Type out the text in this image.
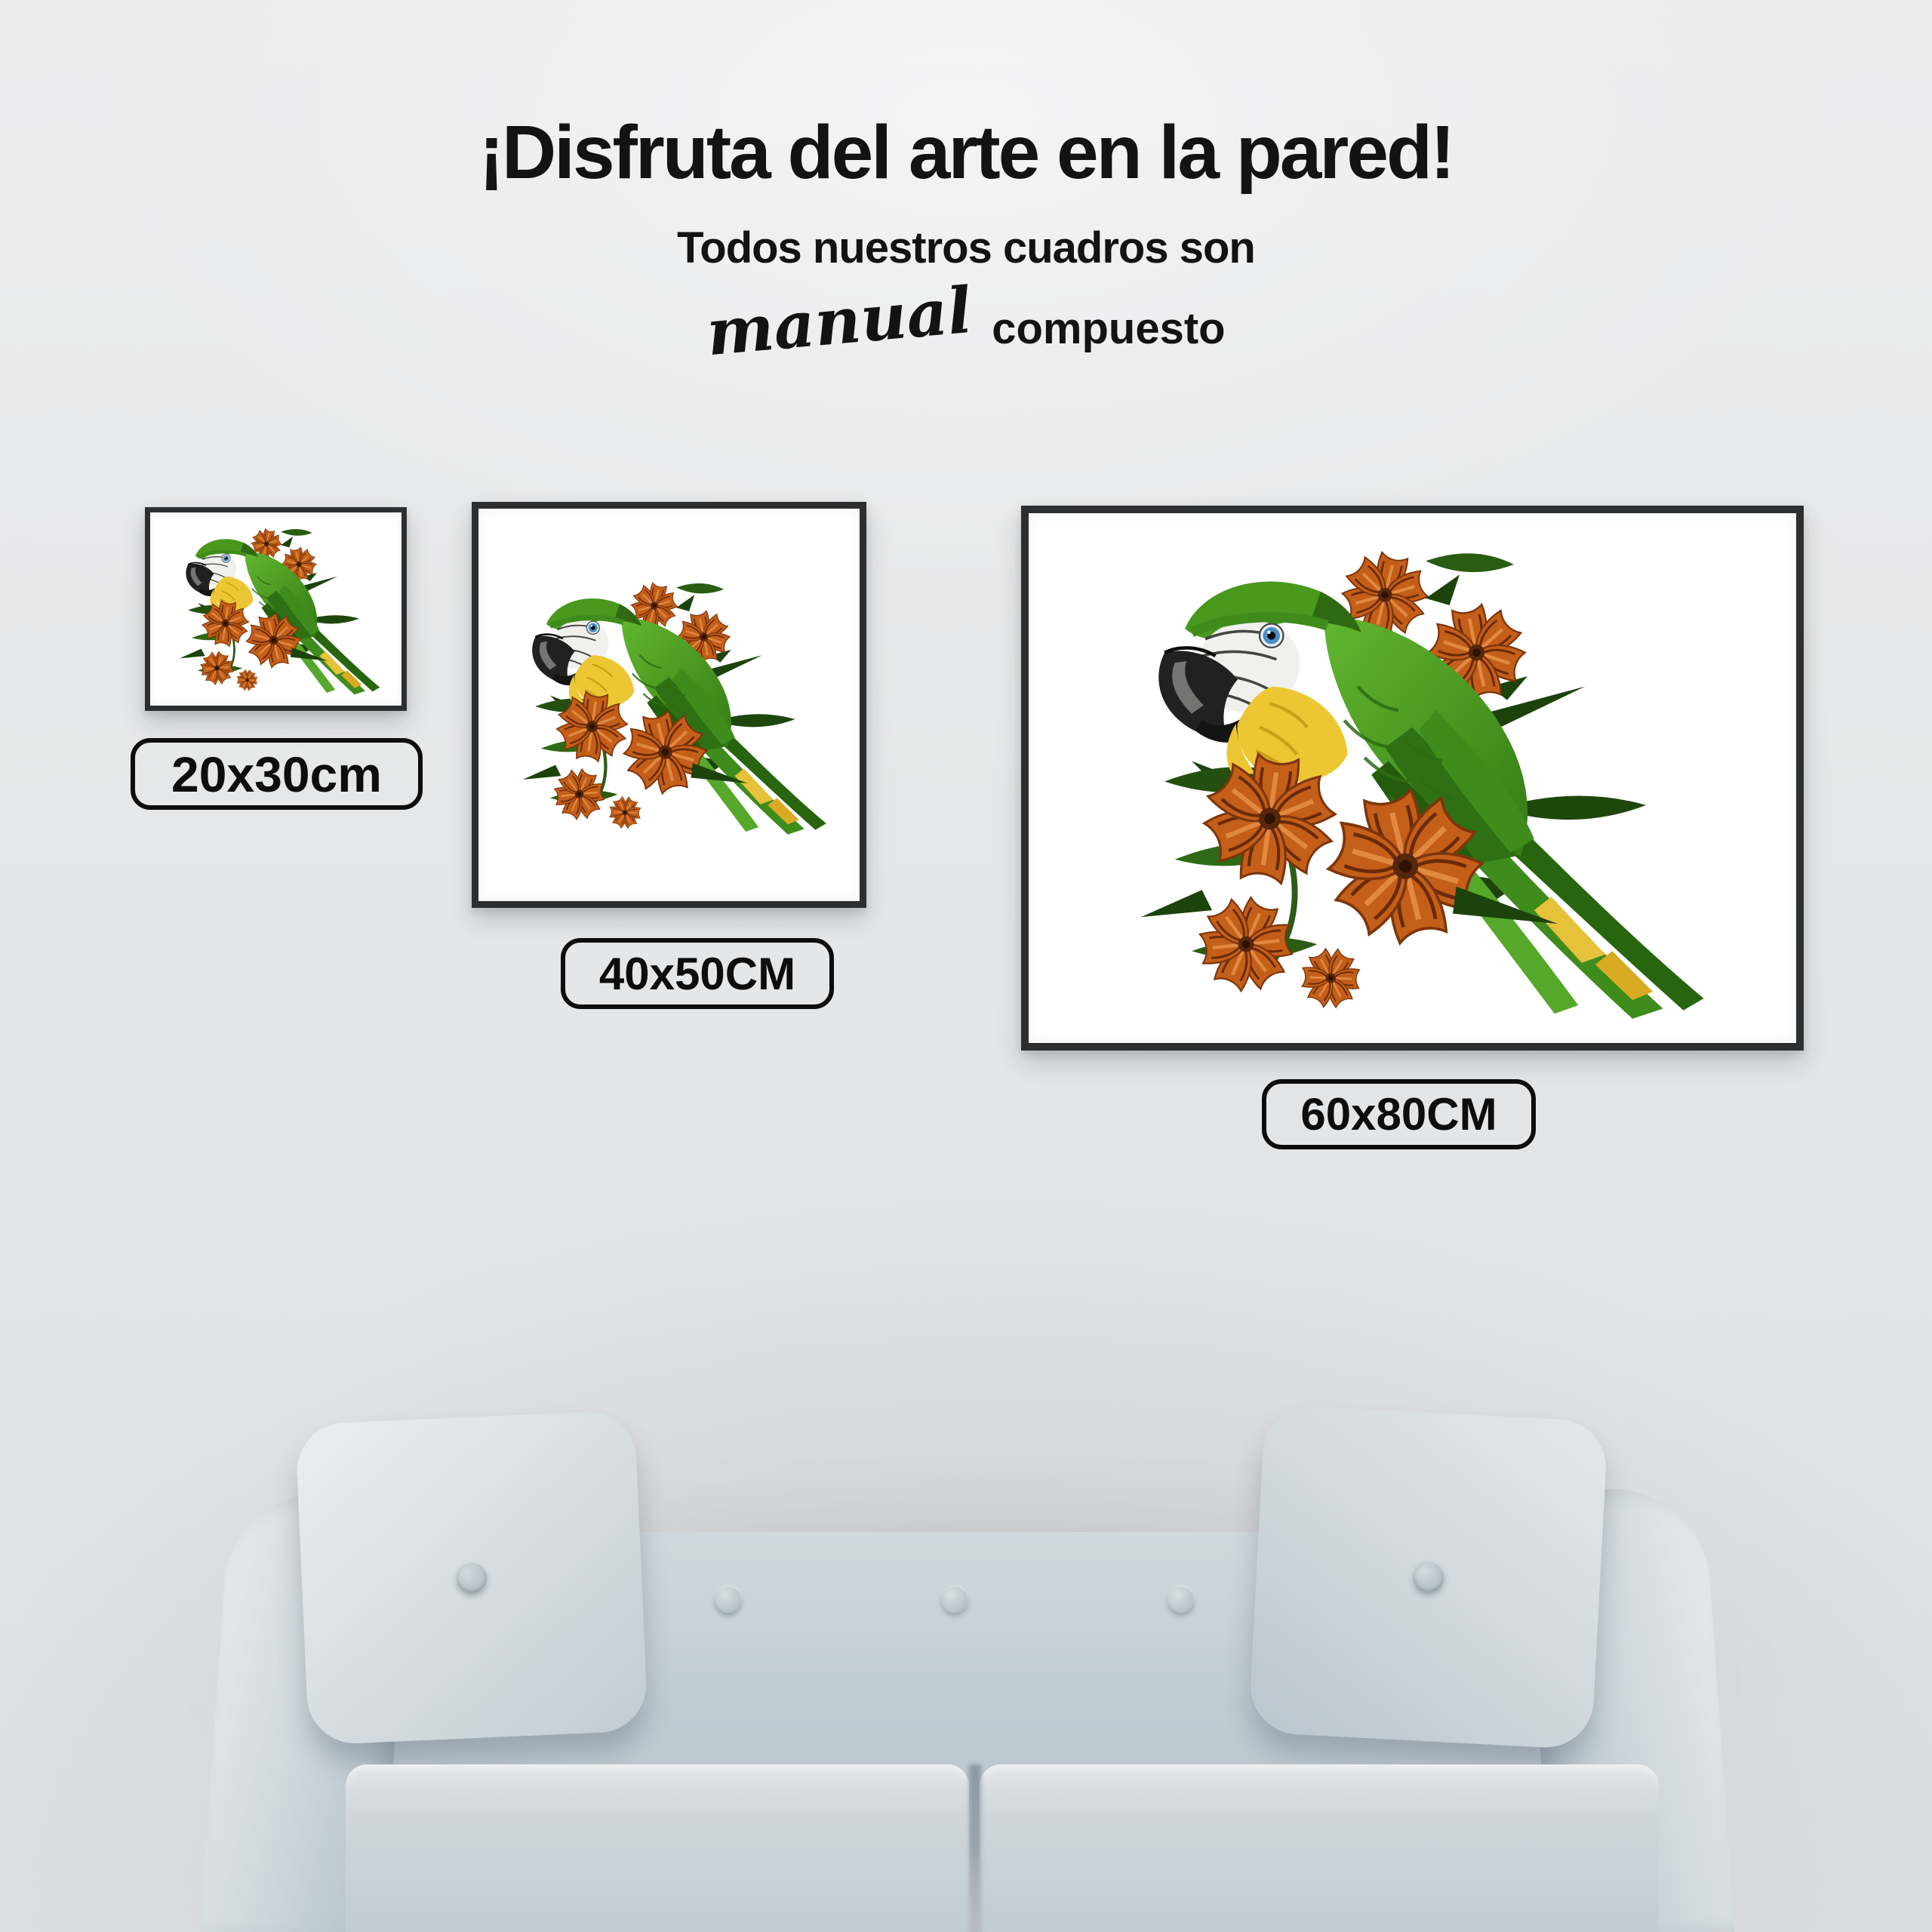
¡Disfruta del arte en la pared!
Todos nuestros cuadros son
manual compuesto
20x30cm
40x50CM
60x80CM
